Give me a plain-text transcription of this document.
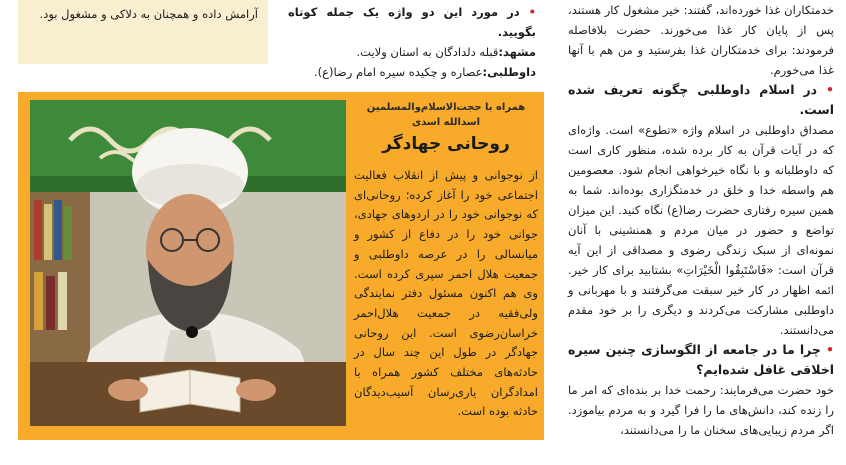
آرامش داده و همچنان به دلاکی و مشغول بود.	• در مورد این دو واژه یک جمله کوتاه بگویید.

مشهد:قبله دلدادگان به استان ولایت.

داوطلبی:عصاره و چکیده سیره امام رضا(ع).

همراه با حجت‌الاسلام‌والمسلمین
اسدالله اسدی
روحانی جهادگر

از نوجوانی و پیش از انقلاب فعالیت اجتماعی خود را آغاز کرده؛ روحانی‌ای که نوجوانی خود را در اردوهای جهادی، جوانی خود را در دفاع از کشور و میانسالی را در عرصه داوطلبی و جمعیت هلال احمر سپری کرده است. وی هم اکنون مسئول دفتر نمایندگی ولی‌فقیه در جمعیت هلال‌احمر خراسان‌رضوی است. این روحانی جهادگر در طول این چند سال در حادثه‌های مختلف کشور همراه با امدادگران یاری‌رسان آسیب‌دیدگان حادثه بوده است.

خدمتکاران غذا خورده‌اند، گفتند: خیر مشغول کار هستند، پس از پایان کار غذا می‌خورند. حضرت بلافاصله فرمودند: برای خدمتکاران غذا بفرستید و من هم با آنها غذا می‌خورم.

• در اسلام داوطلبی چگونه تعریف شده است.

مصداق داوطلبی در اسلام واژه «تطوع» است. واژه‌ای که در آیات قرآن به کار برده شده، منظور کاری است که داوطلبانه و با نگاه خیرخواهی انجام شود. معصومین هم واسطه خدا و خلق در خدمتگزاری بوده‌اند. شما به همین سیره رفتاری حضرت رضا(ع) نگاه کنید. این میزان تواضع و حضور در میان مردم و همنشینی با آنان نمونه‌ای از سبک زندگی رضوی و مصداقی از این آیه قرآن است: «فَاسْتَبِقُوا الْخَیْرَاتِ» بشتابید برای کار خیر. ائمه اظهار در کار خیر سبقت می‌گرفتند و با مهربانی و داوطلبی مشارکت می‌کردند و دیگری را بر خود مقدم می‌دانستند.

• چرا ما در جامعه از الگوسازی چنین سیره اخلاقی غافل شده‌ایم؟

خود حضرت می‌فرمایند: رحمت خدا بر بنده‌ای که امر ما را زنده کند، دانش‌های ما را فرا گیرد و به مردم بیاموزد. اگر مردم زیبایی‌های سخنان ما را می‌دانستند،
